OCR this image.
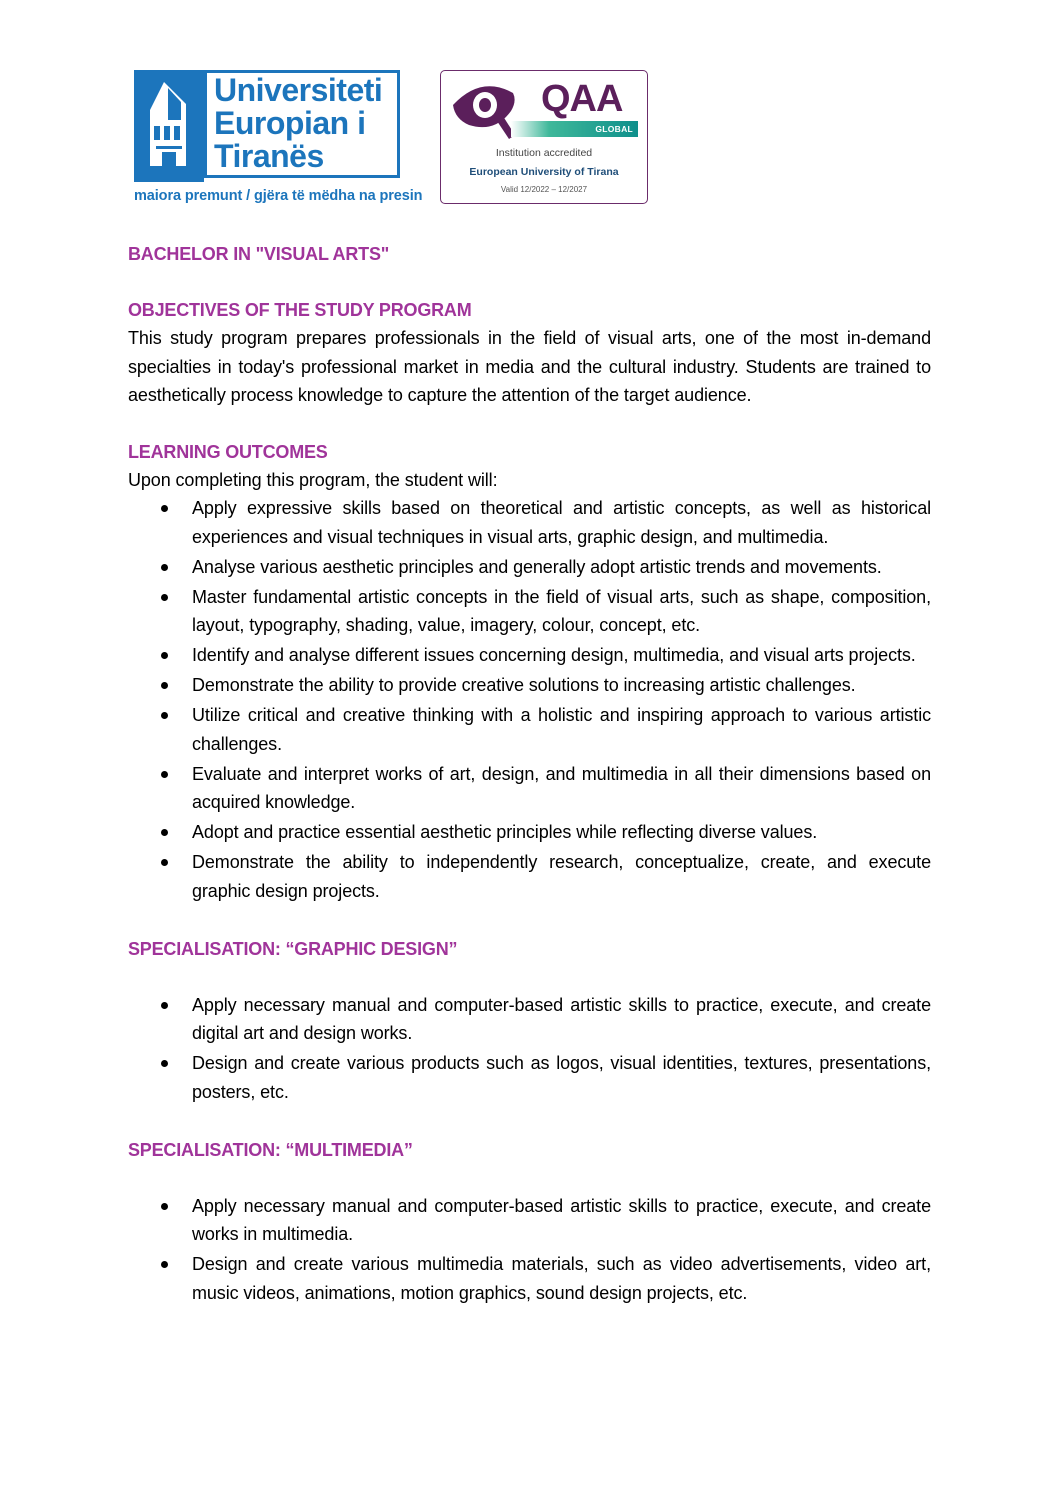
Universiteti
Europian i
Tiranës
maiora premunt / gjëra të mëdha na presin
QAA
GLOBAL
Institution accredited
European University of Tirana
Valid 12/2022 – 12/2027

BACHELOR IN "VISUAL ARTS"

OBJECTIVES OF THE STUDY PROGRAM

This study program prepares professionals in the field of visual arts, one of the most in-demand specialties in today's professional market in media and the cultural industry. Students are trained to aesthetically process knowledge to capture the attention of the target audience.

LEARNING OUTCOMES

Upon completing this program, the student will:

Apply expressive skills based on theoretical and artistic concepts, as well as historical experiences and visual techniques in visual arts, graphic design, and multimedia.
Analyse various aesthetic principles and generally adopt artistic trends and movements.
Master fundamental artistic concepts in the field of visual arts, such as shape, composition, layout, typography, shading, value, imagery, colour, concept, etc.
Identify and analyse different issues concerning design, multimedia, and visual arts projects.
Demonstrate the ability to provide creative solutions to increasing artistic challenges.
Utilize critical and creative thinking with a holistic and inspiring approach to various artistic challenges.
Evaluate and interpret works of art, design, and multimedia in all their dimensions based on acquired knowledge.
Adopt and practice essential aesthetic principles while reflecting diverse values.
Demonstrate the ability to independently research, conceptualize, create, and execute graphic design projects.

SPECIALISATION: “GRAPHIC DESIGN”

Apply necessary manual and computer-based artistic skills to practice, execute, and create digital art and design works.
Design and create various products such as logos, visual identities, textures, presentations, posters, etc.

SPECIALISATION: “MULTIMEDIA”

Apply necessary manual and computer-based artistic skills to practice, execute, and create works in multimedia.
Design and create various multimedia materials, such as video advertisements, video art, music videos, animations, motion graphics, sound design projects, etc.
